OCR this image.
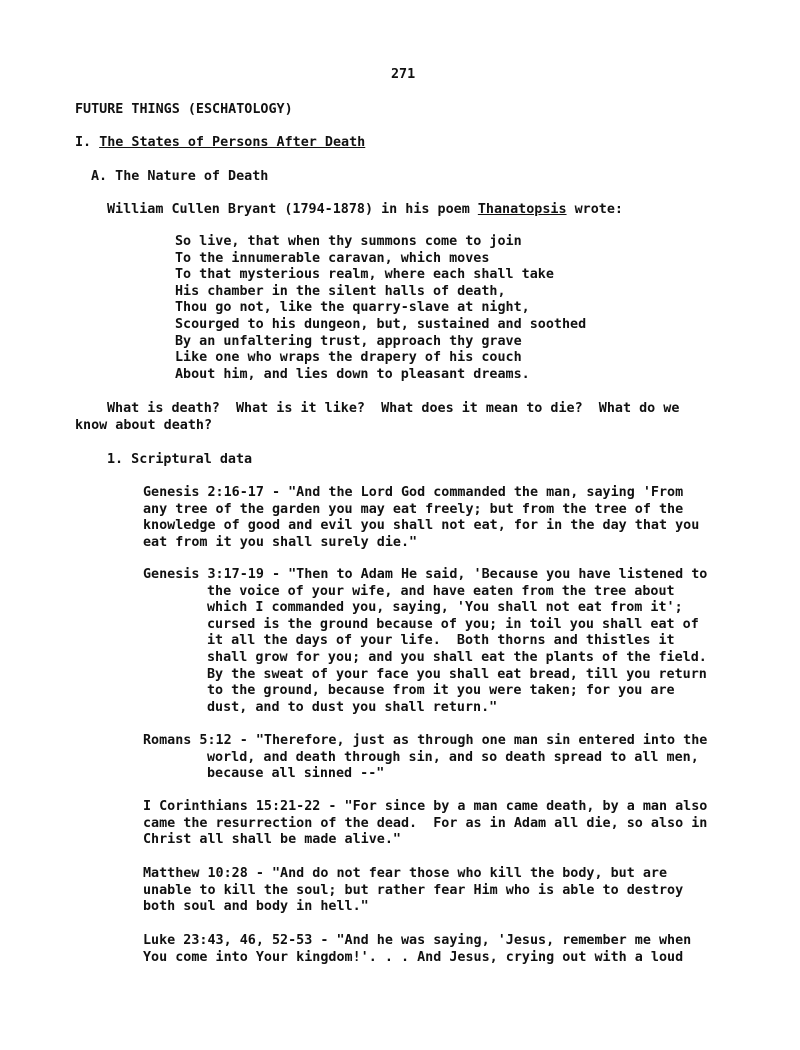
271
FUTURE THINGS (ESCHATOLOGY)
I. The States of Persons After Death
A. The Nature of Death
William Cullen Bryant (1794-1878) in his poem Thanatopsis wrote:
So live, that when thy summons come to join
To the innumerable caravan, which moves
To that mysterious realm, where each shall take
His chamber in the silent halls of death,
Thou go not, like the quarry-slave at night,
Scourged to his dungeon, but, sustained and soothed
By an unfaltering trust, approach thy grave
Like one who wraps the drapery of his couch
About him, and lies down to pleasant dreams.
What is death?  What is it like?  What does it mean to die?  What do we
know about death?
1. Scriptural data
Genesis 2:16-17 - "And the Lord God commanded the man, saying 'From
any tree of the garden you may eat freely; but from the tree of the
knowledge of good and evil you shall not eat, for in the day that you
eat from it you shall surely die."
Genesis 3:17-19 - "Then to Adam He said, 'Because you have listened to
the voice of your wife, and have eaten from the tree about
which I commanded you, saying, 'You shall not eat from it';
cursed is the ground because of you; in toil you shall eat of
it all the days of your life.  Both thorns and thistles it
shall grow for you; and you shall eat the plants of the field.
By the sweat of your face you shall eat bread, till you return
to the ground, because from it you were taken; for you are
dust, and to dust you shall return."
Romans 5:12 - "Therefore, just as through one man sin entered into the
world, and death through sin, and so death spread to all men,
because all sinned --"
I Corinthians 15:21-22 - "For since by a man came death, by a man also
came the resurrection of the dead.  For as in Adam all die, so also in
Christ all shall be made alive."
Matthew 10:28 - "And do not fear those who kill the body, but are
unable to kill the soul; but rather fear Him who is able to destroy
both soul and body in hell."
Luke 23:43, 46, 52-53 - "And he was saying, 'Jesus, remember me when
You come into Your kingdom!'. . . And Jesus, crying out with a loud
